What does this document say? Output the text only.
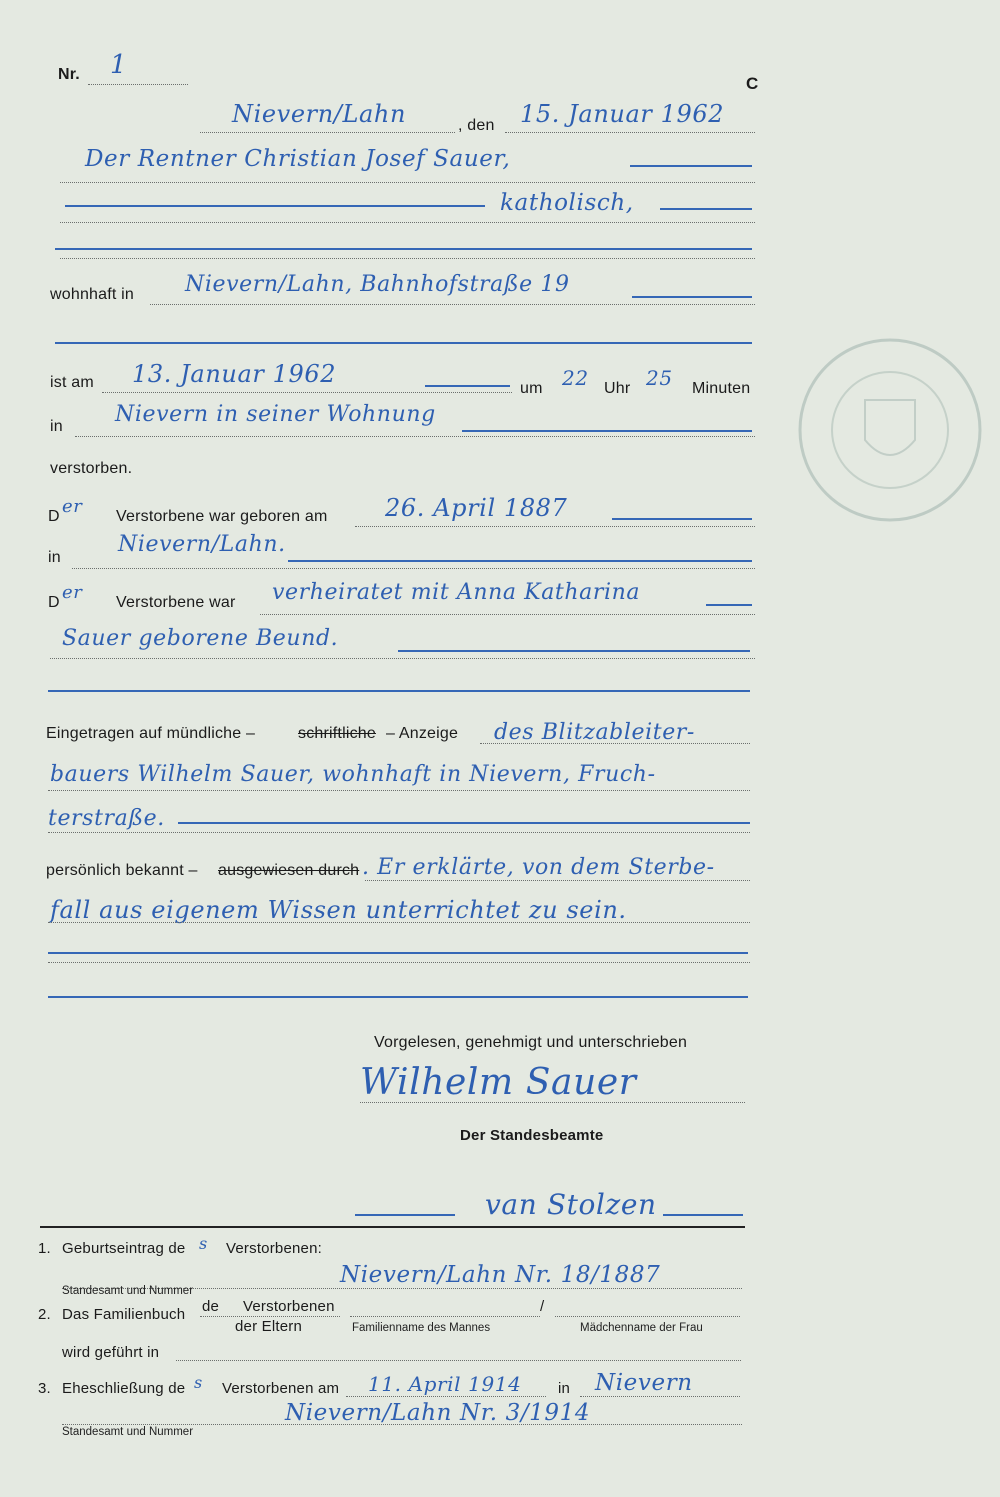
Nr. 1
C
Nievern/Lahn	, den 15. Januar 1962
Der Rentner Christian Josef Sauer,
katholisch,
wohnhaft in Nievern/Lahn, Bahnhofstraße 19
ist am 13. Januar 1962
um 22 Uhr 25 Minuten
in Nievern in seiner Wohnung
verstorben.
D er Verstorbene war geboren am 26. April 1887
in
Nievern/Lahn.
D er Verstorbene war verheiratet mit Anna Katharina
Sauer geborene Beund.
Eingetragen auf mündliche –	schriftliche – Anzeige des Blitzableiter-
bauers Wilhelm Sauer, wohnhaft in Nievern, Fruch-
terstraße.
persönlich bekannt – ausgewiesen durch . Er erklärte, von dem Sterbe-
fall aus eigenem Wissen unterrichtet zu sein.
Vorgelesen, genehmigt und unterschrieben
Wilhelm Sauer
Der Standesbeamte
van Stolzen
1. Geburtseintrag de s Verstorbenen:
Nievern/Lahn Nr. 18/1887
Standesamt und Nummer
2. Das Familienbuch de Verstorbenen
der Eltern
/
Familienname des Mannes	Mädchenname der Frau
wird geführt in
3. Eheschließung de s Verstorbenen am 11. April 1914 in Nievern
Nievern/Lahn Nr. 3/1914
Standesamt und Nummer
